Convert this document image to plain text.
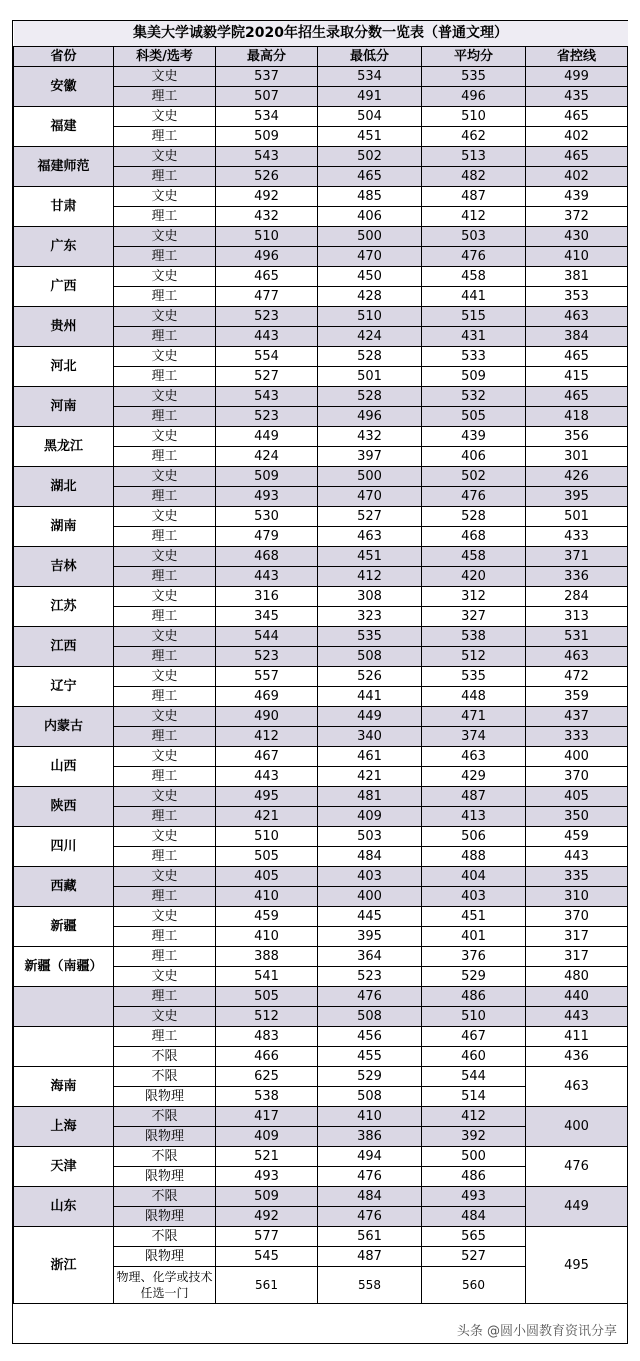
集美大学诚毅学院2020年招生录取分数一览表（普通文理）					
省份	科类/选考	最高分	最低分	平均分	省控线
安徽	文史	537	534	535	499
	理工	507	491	496	435
福建	文史	534	504	510	465
	理工	509	451	462	402
福建师范	文史	543	502	513	465
	理工	526	465	482	402
甘肃	文史	492	485	487	439
	理工	432	406	412	372
广东	文史	510	500	503	430
	理工	496	470	476	410
广西	文史	465	450	458	381
	理工	477	428	441	353
贵州	文史	523	510	515	463
	理工	443	424	431	384
河北	文史	554	528	533	465
	理工	527	501	509	415
河南	文史	543	528	532	465
	理工	523	496	505	418
黑龙江	文史	449	432	439	356
	理工	424	397	406	301
湖北	文史	509	500	502	426
	理工	493	470	476	395
湖南	文史	530	527	528	501
	理工	479	463	468	433
吉林	文史	468	451	458	371
	理工	443	412	420	336
江苏	文史	316	308	312	284
	理工	345	323	327	313
江西	文史	544	535	538	531
	理工	523	508	512	463
辽宁	文史	557	526	535	472
	理工	469	441	448	359
内蒙古	文史	490	449	471	437
	理工	412	340	374	333
山西	文史	467	461	463	400
	理工	443	421	429	370
陕西	文史	495	481	487	405
	理工	421	409	413	350
四川	文史	510	503	506	459
	理工	505	484	488	443
西藏	文史	405	403	404	335
	理工	410	400	403	310
新疆	文史	459	445	451	370
	理工	410	395	401	317
新疆（南疆）	理工	388	364	376	317
	文史	541	523	529	480
	理工	505	476	486	440
	文史	512	508	510	443
	理工	483	456	467	411
	不限	466	455	460	436
海南	不限	625	529	544	463
	限物理	538	508	514	
上海	不限	417	410	412	400
	限物理	409	386	392	
天津	不限	521	494	500	476
	限物理	493	476	486	
山东	不限	509	484	493	449
	限物理	492	476	484	
浙江	不限	577	561	565	495
	限物理	545	487	527	
	物理、化学或技术任选一门	561	558	560	
头条 @圆小圆教育资讯分享
